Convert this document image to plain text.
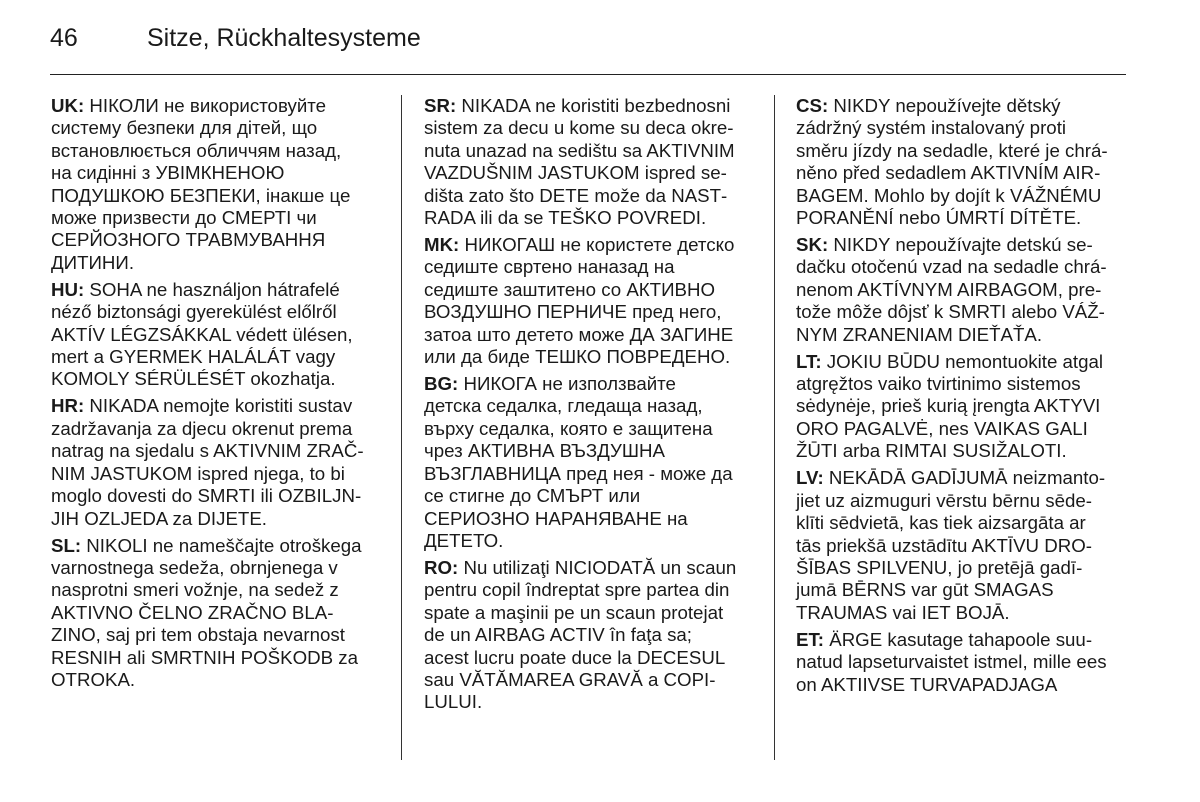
46	Sitze, Rückhaltesysteme
UK: НІКОЛИ не використовуйте
систему безпеки для дітей, що
встановлюється обличчям назад,
на сидінні з УВІМКНЕНОЮ
ПОДУШКОЮ БЕЗПЕКИ, інакше це
може призвести до СМЕРТІ чи
СЕРЙОЗНОГО ТРАВМУВАННЯ
ДИТИНИ.
HU: SOHA ne használjon hátrafelé
néző biztonsági gyerekülést előlről
AKTÍV LÉGZSÁKKAL védett ülésen,
mert a GYERMEK HALÁLÁT vagy
KOMOLY SÉRÜLÉSÉT okozhatja.
HR: NIKADA nemojte koristiti sustav
zadržavanja za djecu okrenut prema
natrag na sjedalu s AKTIVNIM ZRAČ‐
NIM JASTUKOM ispred njega, to bi
moglo dovesti do SMRTI ili OZBILJN‐
JIH OZLJEDA za DIJETE.
SL: NIKOLI ne nameščajte otroškega
varnostnega sedeža, obrnjenega v
nasprotni smeri vožnje, na sedež z
AKTIVNO ČELNO ZRAČNO BLA‐
ZINO, saj pri tem obstaja nevarnost
RESNIH ali SMRTNIH POŠKODB za
OTROKA.
SR: NIKADA ne koristiti bezbednosni
sistem za decu u kome su deca okre‐
nuta unazad na sedištu sa AKTIVNIM
VAZDUŠNIM JASTUKOM ispred se‐
dišta zato što DETE može da NAST‐
RADA ili da se TEŠKO POVREDI.
MK: НИКОГАШ не користете детско
седиште свртено наназад на
седиште заштитено со АКТИВНО
ВОЗДУШНО ПЕРНИЧЕ пред него,
затоа што детето може ДА ЗАГИНЕ
или да биде ТЕШКО ПОВРЕДЕНО.
BG: НИКОГА не използвайте
детска седалка, гледаща назад,
върху седалка, която е защитена
чрез АКТИВНА ВЪЗДУШНА
ВЪЗГЛАВНИЦА пред нея - може да
се стигне до СМЪРТ или
СЕРИОЗНО НАРАНЯВАНЕ на
ДЕТЕТО.
RO: Nu utilizaţi NICIODATĂ un scaun
pentru copil îndreptat spre partea din
spate a maşinii pe un scaun protejat
de un AIRBAG ACTIV în faţa sa;
acest lucru poate duce la DECESUL
sau VĂTĂMAREA GRAVĂ a COPI‐
LULUI.
CS: NIKDY nepoužívejte dětský
zádržný systém instalovaný proti
směru jízdy na sedadle, které je chrá‐
něno před sedadlem AKTIVNÍM AIR‐
BAGEM. Mohlo by dojít k VÁŽNÉMU
PORANĚNÍ nebo ÚMRTÍ DÍTĚTE.
SK: NIKDY nepoužívajte detskú se‐
dačku otočenú vzad na sedadle chrá‐
nenom AKTÍVNYM AIRBAGOM, pre‐
tože môže dôjsť k SMRTI alebo VÁŽ‐
NYM ZRANENIAM DIEŤAŤA.
LT: JOKIU BŪDU nemontuokite atgal
atgręžtos vaiko tvirtinimo sistemos
sėdynėje, prieš kurią įrengta AKTYVI
ORO PAGALVĖ, nes VAIKAS GALI
ŽŪTI arba RIMTAI SUSIŽALOTI.
LV: NEKĀDĀ GADĪJUMĀ neizmanto‐
jiet uz aizmuguri vērstu bērnu sēde‐
klīti sēdvietā, kas tiek aizsargāta ar
tās priekšā uzstādītu AKTĪVU DRO‐
ŠĪBAS SPILVENU, jo pretējā gadī‐
jumā BĒRNS var gūt SMAGAS
TRAUMAS vai IET BOJĀ.
ET: ÄRGE kasutage tahapoole suu‐
natud lapseturvaistet istmel, mille ees
on AKTIIVSE TURVAPADJAGA
